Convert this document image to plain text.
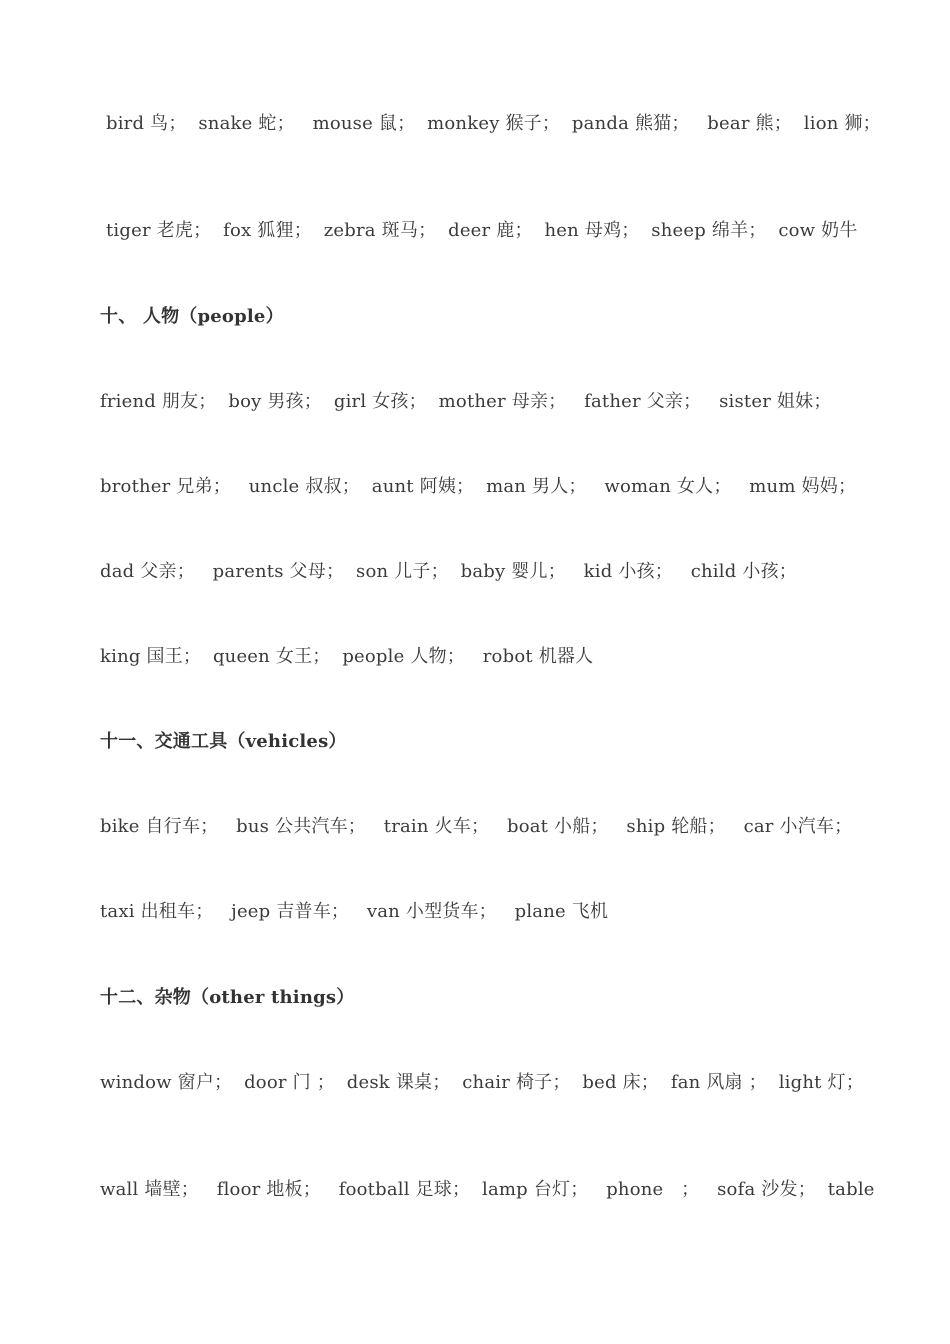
bird 鸟；  snake 蛇；   mouse 鼠；  monkey 猴子；  panda 熊猫；   bear 熊；  lion 狮；
tiger 老虎；  fox 狐狸；  zebra 斑马；  deer 鹿；  hen 母鸡；  sheep 绵羊；  cow 奶牛
十、 人物（people）
friend 朋友；  boy 男孩；  girl 女孩；  mother 母亲；   father 父亲；   sister 姐妹；
brother 兄弟；   uncle 叔叔；  aunt 阿姨；  man 男人；   woman 女人；   mum 妈妈；
dad 父亲；   parents 父母；  son 儿子；  baby 婴儿；   kid 小孩；   child 小孩；
king 国王；  queen 女王；  people 人物；   robot 机器人
十一、交通工具（vehicles）
bike 自行车；   bus 公共汽车；   train 火车；   boat 小船；   ship 轮船；   car 小汽车；
taxi 出租车；   jeep 吉普车；   van 小型货车；   plane 飞机
十二、杂物（other things）
window 窗户；  door 门 ；  desk 课桌；  chair 椅子；  bed 床；  fan 风扇 ；  light 灯；
wall 墙壁；   floor 地板；   football 足球；  lamp 台灯；   phone   ；   sofa 沙发；  table
